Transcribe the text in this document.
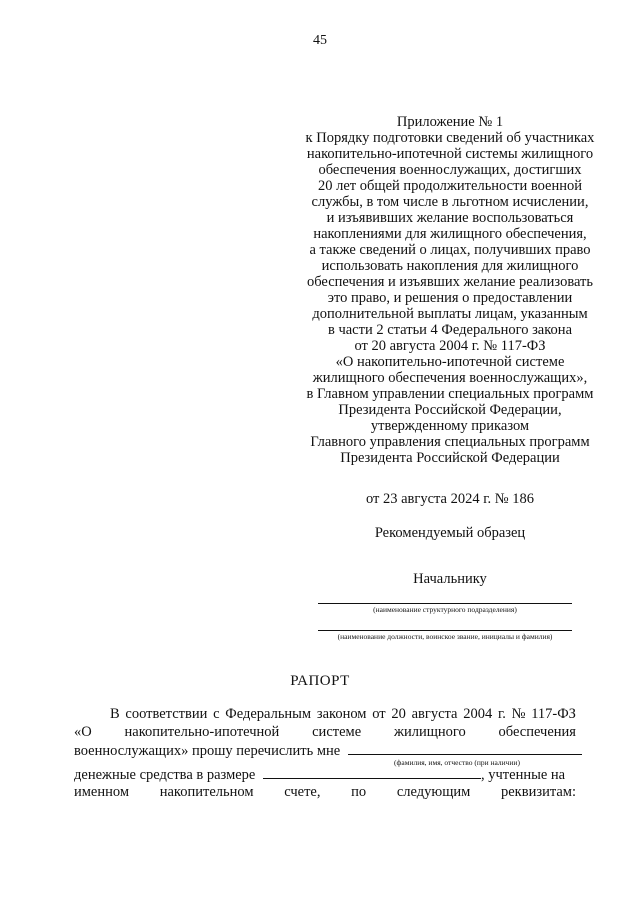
45
Приложение № 1
к Порядку подготовки сведений об участниках
накопительно-ипотечной системы жилищного
обеспечения военнослужащих, достигших
20 лет общей продолжительности военной
службы, в том числе в льготном исчислении,
и изъявивших желание воспользоваться
накоплениями для жилищного обеспечения,
а также сведений о лицах, получивших право
использовать накопления для жилищного
обеспечения и изъявших желание реализовать
это право, и решения о предоставлении
дополнительной выплаты лицам, указанным
в части 2 статьи 4 Федерального закона
от 20 августа 2004 г. № 117-ФЗ
«О накопительно-ипотечной системе
жилищного обеспечения военнослужащих»,
в Главном управлении специальных программ
Президента Российской Федерации,
утвержденному приказом
Главного управления специальных программ
Президента Российской Федерации
от 23 августа 2024 г. № 186
Рекомендуемый образец
Начальнику
(наименование структурного подразделения)
(наименование должности, воинское звание, инициалы и фамилия)
РАПОРТ
В соответствии с Федеральным законом от 20 августа 2004 г. № 117-ФЗ
«О накопительно-ипотечной системе жилищного обеспечения
военнослужащих» прошу перечислить мне
(фамилия, имя, отчество (при наличии)
денежные средства в размере	, учтенные на
именном накопительном счете, по следующим реквизитам:
